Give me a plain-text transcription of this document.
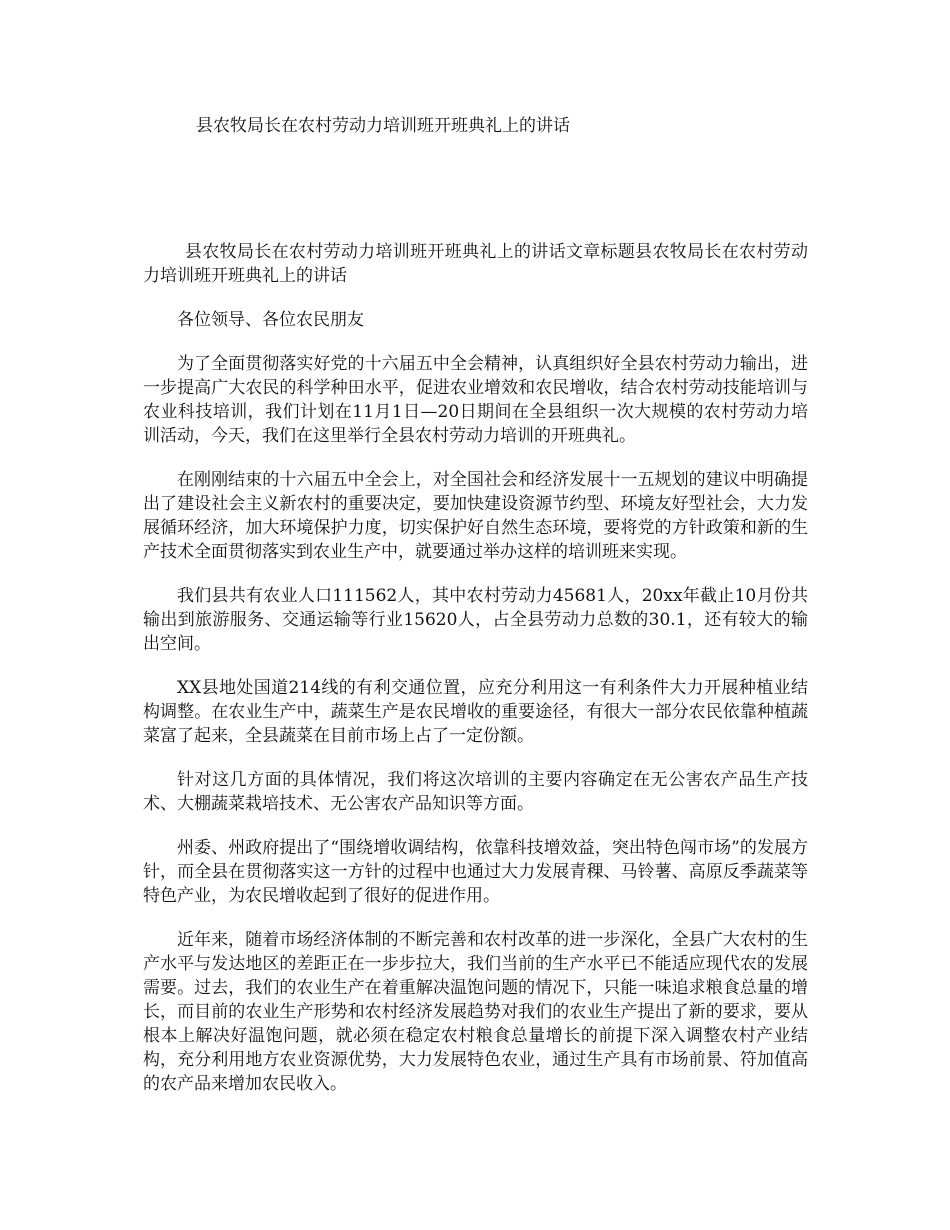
县农牧局长在农村劳动力培训班开班典礼上的讲话

县农牧局长在农村劳动力培训班开班典礼上的讲话文章标题县农牧局长在农村劳动力培训班开班典礼上的讲话

各位领导、各位农民朋友

为了全面贯彻落实好党的十六届五中全会精神，认真组织好全县农村劳动力输出，进一步提高广大农民的科学种田水平，促进农业增效和农民增收，结合农村劳动技能培训与农业科技培训，我们计划在11月1日—20日期间在全县组织一次大规模的农村劳动力培训活动，今天，我们在这里举行全县农村劳动力培训的开班典礼。

在刚刚结束的十六届五中全会上，对全国社会和经济发展十一五规划的建议中明确提出了建设社会主义新农村的重要决定，要加快建设资源节约型、环境友好型社会，大力发展循环经济，加大环境保护力度，切实保护好自然生态环境，要将党的方针政策和新的生产技术全面贯彻落实到农业生产中，就要通过举办这样的培训班来实现。

我们县共有农业人口111562人，其中农村劳动力45681人，20xx年截止10月份共输出到旅游服务、交通运输等行业15620人，占全县劳动力总数的30.1，还有较大的输出空间。

XX县地处国道214线的有利交通位置，应充分利用这一有利条件大力开展种植业结构调整。在农业生产中，蔬菜生产是农民增收的重要途径，有很大一部分农民依靠种植蔬菜富了起来，全县蔬菜在目前市场上占了一定份额。

针对这几方面的具体情况，我们将这次培训的主要内容确定在无公害农产品生产技术、大棚蔬菜栽培技术、无公害农产品知识等方面。

州委、州政府提出了“围绕增收调结构，依靠科技增效益，突出特色闯市场”的发展方针，而全县在贯彻落实这一方针的过程中也通过大力发展青稞、马铃薯、高原反季蔬菜等特色产业，为农民增收起到了很好的促进作用。

近年来，随着市场经济体制的不断完善和农村改革的进一步深化，全县广大农村的生产水平与发达地区的差距正在一步步拉大，我们当前的生产水平已不能适应现代农的发展需要。过去，我们的农业生产在着重解决温饱问题的情况下，只能一味追求粮食总量的增长，而目前的农业生产形势和农村经济发展趋势对我们的农业生产提出了新的要求，要从根本上解决好温饱问题，就必须在稳定农村粮食总量增长的前提下深入调整农村产业结构，充分利用地方农业资源优势，大力发展特色农业，通过生产具有市场前景、符加值高的农产品来增加农民收入。
